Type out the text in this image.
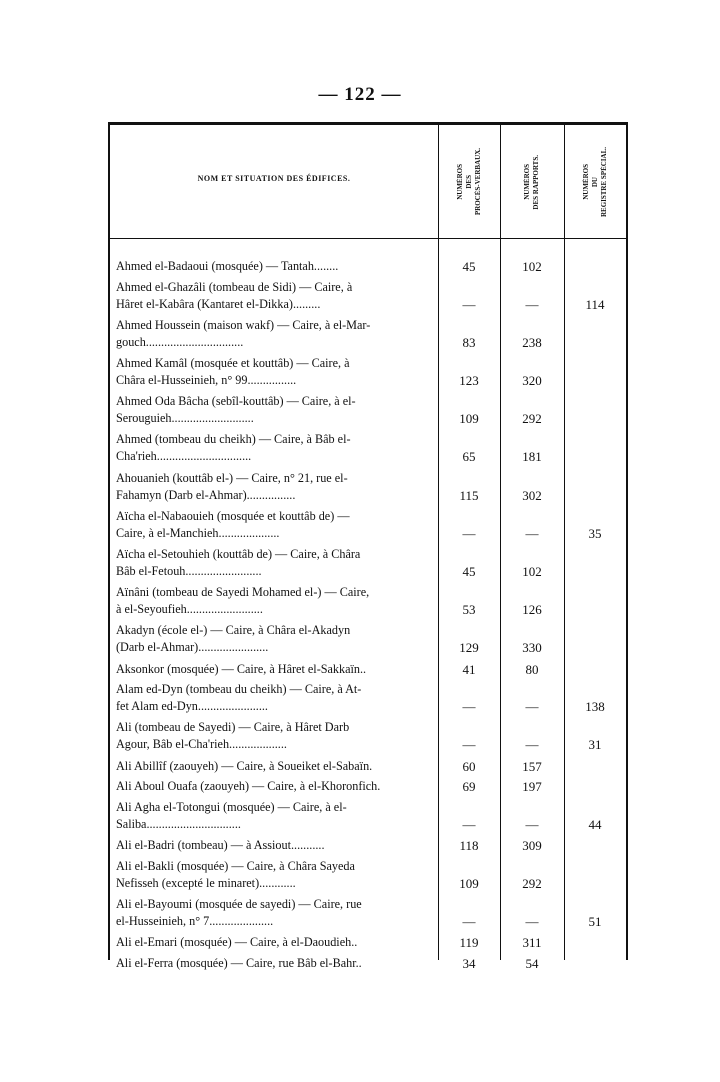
— 122 —
NOM ET SITUATION DES ÉDIFICES.	NUMÉROS DES PROCÈS-VERBAUX.	NUMÉROS DES RAPPORTS.	NUMÉROS DU REGISTRE SPÉCIAL.
Ahmed el-Badaoui (mosquée) — Tantah........	45	102
Ahmed el-Ghazâli (tombeau de Sidi) — Caire, à
Hâret el-Kabâra (Kantaret el-Dikka).........	—	—	114
Ahmed Houssein (maison wakf) — Caire, à el-Mar-
gouch................................	83	238
Ahmed Kamâl (mosquée et kouttâb) — Caire, à
Châra el-Husseinieh, n° 99................	123	320
Ahmed Oda Bâcha (sebîl-kouttâb) — Caire, à el-
Serouguieh...........................	109	292
Ahmed (tombeau du cheikh) — Caire, à Bâb el-
Cha'rieh...............................	65	181
Ahouanieh (kouttâb el-) — Caire, n° 21, rue el-
Fahamyn (Darb el-Ahmar)................	115	302
Aïcha el-Nabaouieh (mosquée et kouttâb de) —
Caire, à el-Manchieh....................	—	—	35
Aïcha el-Setouhieh (kouttâb de) — Caire, à Châra
Bâb el-Fetouh.........................	45	102
Aïnâni (tombeau de Sayedi Mohamed el-) — Caire,
à el-Seyoufieh.........................	53	126
Akadyn (école el-) — Caire, à Châra el-Akadyn
(Darb el-Ahmar).......................	129	330
Aksonkor (mosquée) — Caire, à Hâret el-Sakkaïn..	41	80
Alam ed-Dyn (tombeau du cheikh) — Caire, à At-
fet Alam ed-Dyn.......................	—	—	138
Ali (tombeau de Sayedi) — Caire, à Hâret Darb
Agour, Bâb el-Cha'rieh...................	—	—	31
Ali Abillîf (zaouyeh) — Caire, à Soueiket el-Sabaïn.	60	157
Ali Aboul Ouafa (zaouyeh) — Caire, à el-Khoronfich.	69	197
Ali Agha el-Totongui (mosquée) — Caire, à el-
Saliba...............................	—	—	44
Ali el-Badri (tombeau) — à Assiout...........	118	309
Ali el-Bakli (mosquée) — Caire, à Châra Sayeda
Nefisseh (excepté le minaret)............	109	292
Ali el-Bayoumi (mosquée de sayedi) — Caire, rue
el-Husseinieh, n° 7.....................	—	—	51
Ali el-Emari (mosquée) — Caire, à el-Daoudieh..	119	311
Ali el-Ferra (mosquée) — Caire, rue Bâb el-Bahr..	34	54
